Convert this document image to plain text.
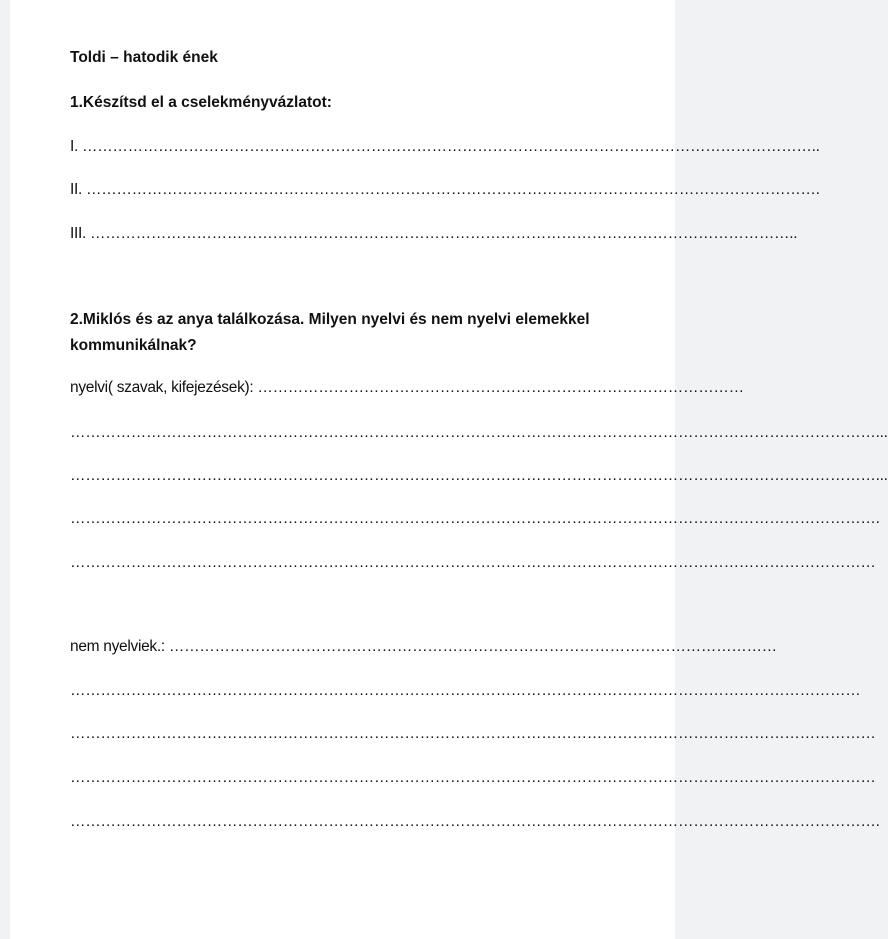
Toldi – hatodik ének
1.Készítsd el a cselekményvázlatot:
I. ………………………………………………………………………………………………………………………………..
II. ……………………………………………………………………………………………………………………………….
III. …………………………………………………………………………………………………………………………..
2.Miklós és az anya találkozása. Milyen nyelvi és nem nyelvi elemekkel
kommunikálnak?
nyelvi( szavak, kifejezések): ……………………………………………………………………………………
……………………………………………………………………………………………………………………………………………...
……………………………………………………………………………………………………………………………………………...
…………………………………………………………………………………………………………………………………………….
……………………………………………………………………………………………………………………………………………
nem nyelviek.: …………………………………………………………………………………………………………
…………………………………………………………………………………………………………………………………………
……………………………………………………………………………………………………………………………………………
……………………………………………………………………………………………………………………………………………
…………………………………………………………………………………………………………………………………………….
